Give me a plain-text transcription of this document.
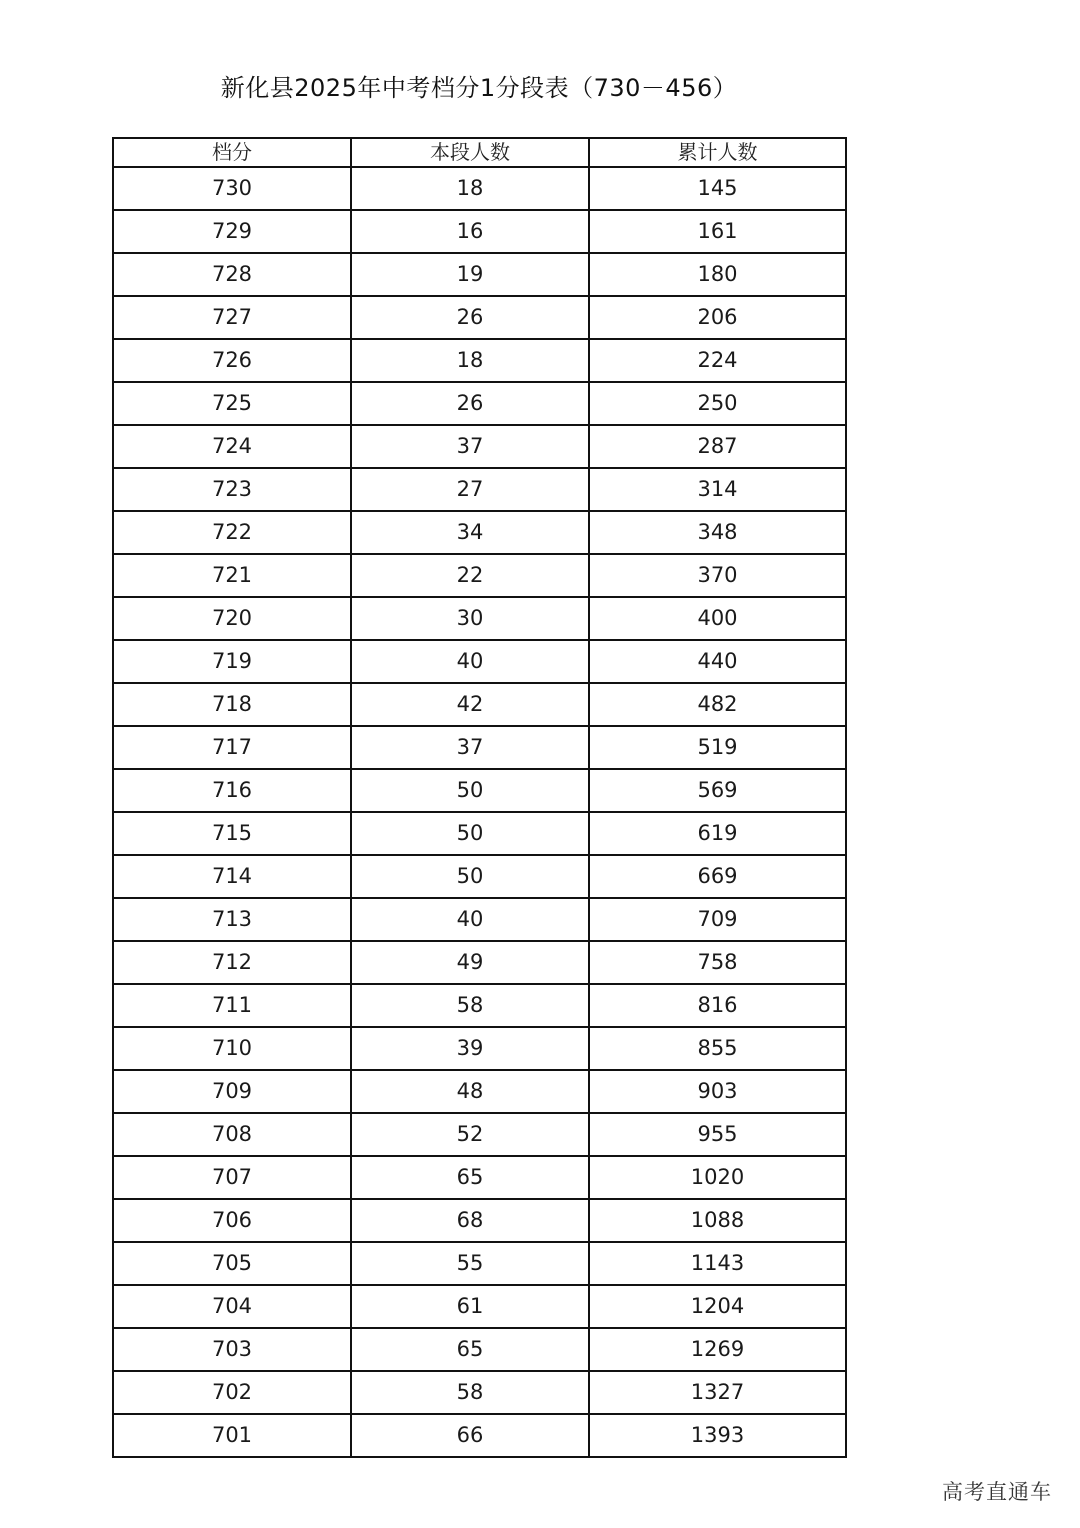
新化县2025年中考档分1分段表（730－456）
档分	本段人数	累计人数
730	18	145
729	16	161
728	19	180
727	26	206
726	18	224
725	26	250
724	37	287
723	27	314
722	34	348
721	22	370
720	30	400
719	40	440
718	42	482
717	37	519
716	50	569
715	50	619
714	50	669
713	40	709
712	49	758
711	58	816
710	39	855
709	48	903
708	52	955
707	65	1020
706	68	1088
705	55	1143
704	61	1204
703	65	1269
702	58	1327
701	66	1393
高考直通车
